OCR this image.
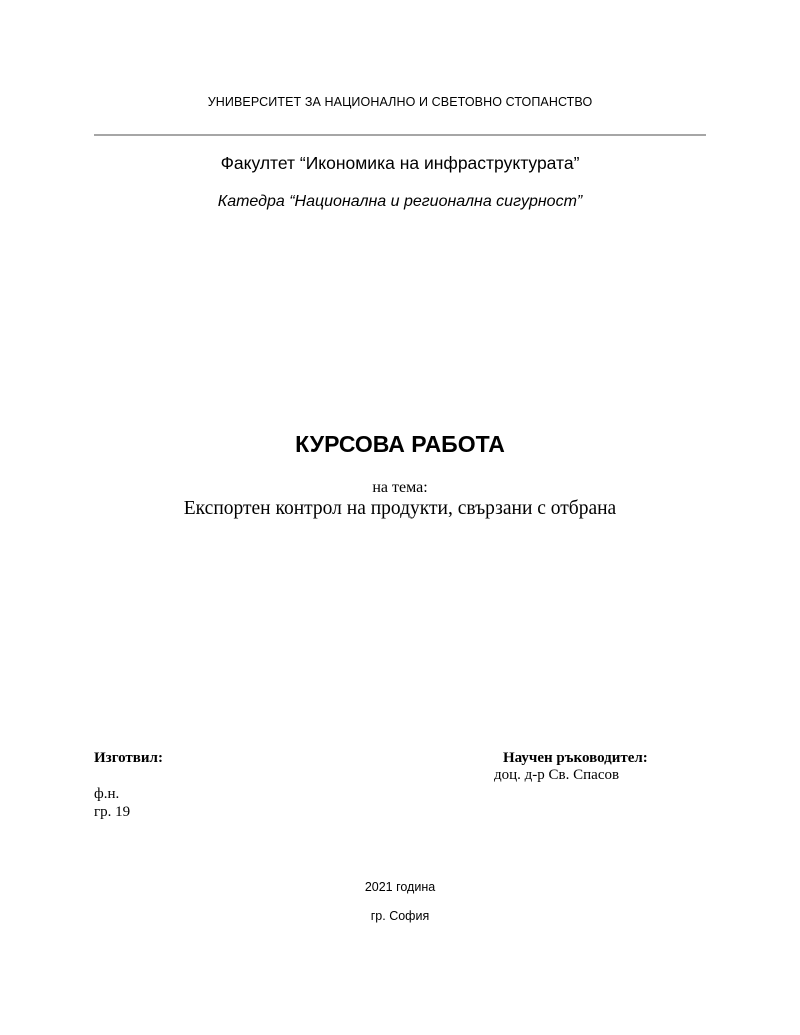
УНИВЕРСИТЕТ ЗА НАЦИОНАЛНО И СВЕТОВНО СТОПАНСТВО
Факултет “Икономика на инфраструктурата”
Катедра “Национална и регионална сигурност”
КУРСОВА РАБОТА
на тема:
Експортен контрол на продукти, свързани с отбрана
Изготвил:	Научен ръководител:
доц. д-р Св. Спасов
ф.н.
гр. 19
2021 година
гр. София
